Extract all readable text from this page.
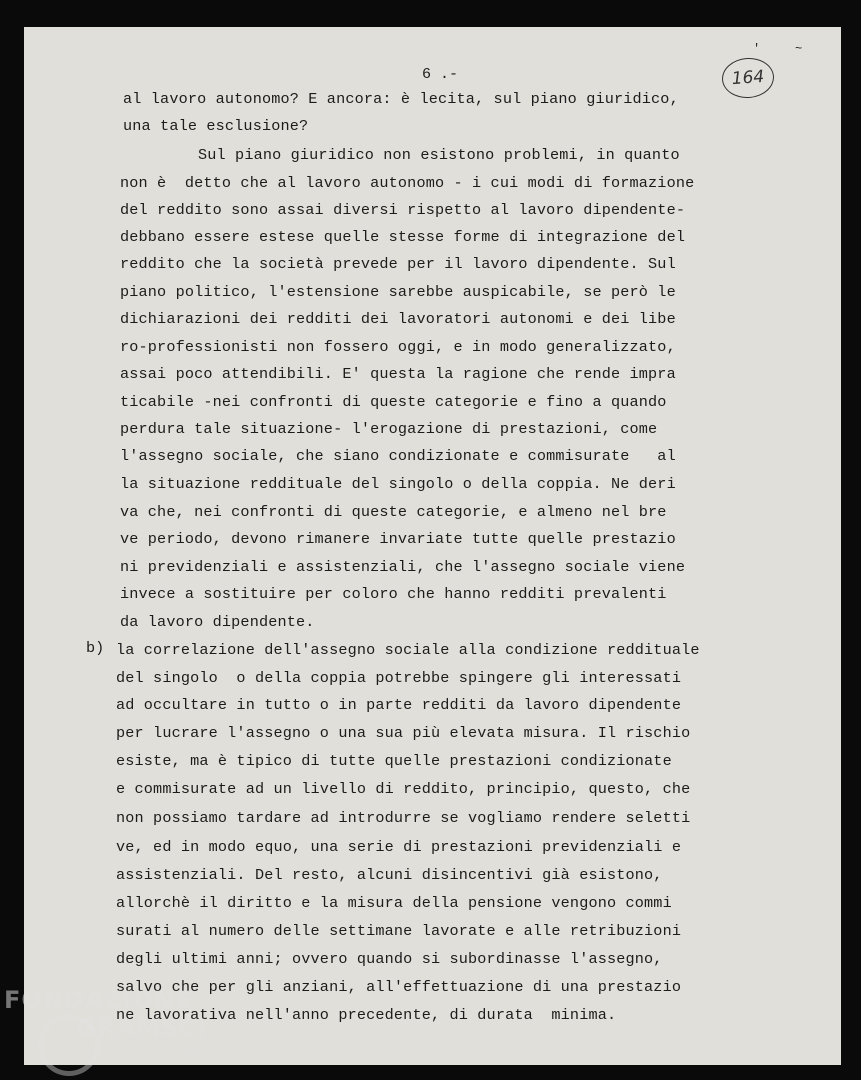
6 .-	164

'	~

al lavoro autonomo? E ancora: è lecita, sul piano giuridico,

una tale esclusione?

Sul piano giuridico non esistono problemi, in quanto

non è  detto che al lavoro autonomo - i cui modi di formazione

del reddito sono assai diversi rispetto al lavoro dipendente-

debbano essere estese quelle stesse forme di integrazione del

reddito che la società prevede per il lavoro dipendente. Sul

piano politico, l'estensione sarebbe auspicabile, se però le

dichiarazioni dei redditi dei lavoratori autonomi e dei libe

ro-professionisti non fossero oggi, e in modo generalizzato,

assai poco attendibili. E' questa la ragione che rende impra

ticabile -nei confronti di queste categorie e fino a quando

perdura tale situazione- l'erogazione di prestazioni, come

l'assegno sociale, che siano condizionate e commisurate   al

la situazione reddituale del singolo o della coppia. Ne deri

va che, nei confronti di queste categorie, e almeno nel bre

ve periodo, devono rimanere invariate tutte quelle prestazio

ni previdenziali e assistenziali, che l'assegno sociale viene

invece a sostituire per coloro che hanno redditi prevalenti

da lavoro dipendente.

b) la correlazione dell'assegno sociale alla condizione reddituale

del singolo  o della coppia potrebbe spingere gli interessati

ad occultare in tutto o in parte redditi da lavoro dipendente

per lucrare l'assegno o una sua più elevata misura. Il rischio

esiste, ma è tipico di tutte quelle prestazioni condizionate

e commisurate ad un livello di reddito, principio, questo, che

non possiamo tardare ad introdurre se vogliamo rendere seletti

ve, ed in modo equo, una serie di prestazioni previdenziali e

assistenziali. Del resto, alcuni disincentivi già esistono,

allorchè il diritto e la misura della pensione vengono commi

surati al numero delle settimane lavorate e alle retribuzioni

degli ultimi anni; ovvero quando si subordinasse l'assegno,

salvo che per gli anziani, all'effettuazione di una prestazio

ne lavorativa nell'anno precedente, di durata  minima.

FONDAZIONE
GRAMSCI
onlus
